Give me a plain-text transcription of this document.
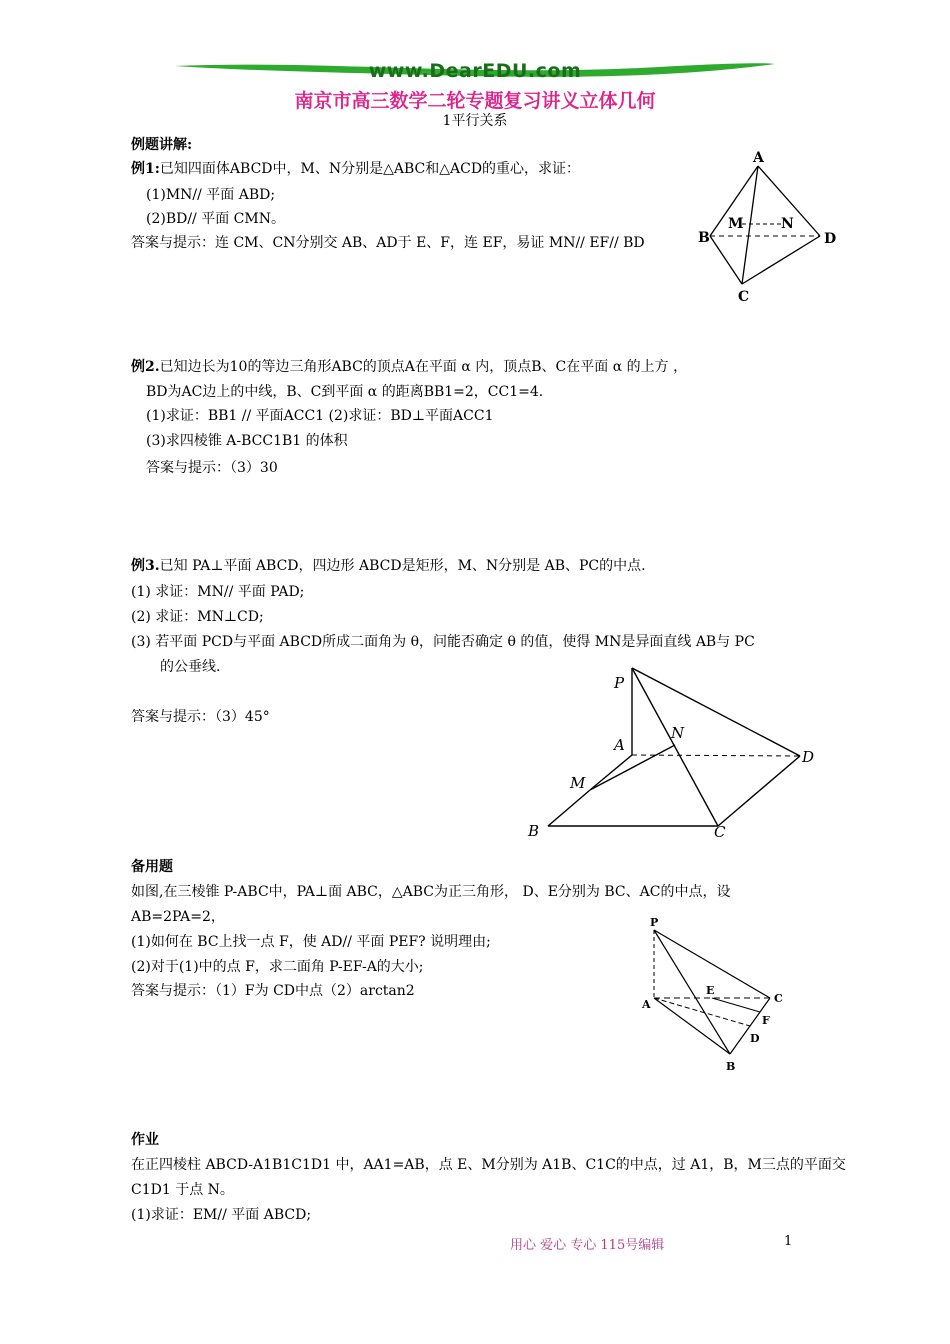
www.DearEDU.com
南京市高三数学二轮专题复习讲义立体几何
1平行关系
例题讲解:
例1:已知四面体ABCD中，M、N分别是△ABC和△ACD的重心，求证：
(1)MN// 平面 ABD;
(2)BD// 平面 CMN。
答案与提示：连 CM、CN分别交 AB、AD于 E、F，连 EF，易证 MN// EF// BD
A
B
C
D
M	N
例2.已知边长为10的等边三角形ABC的顶点A在平面 α 内，顶点B、C在平面 α 的上方 ，
BD为AC边上的中线，B、C到平面 α 的距离BB1=2，CC1=4.
(1)求证：BB1 // 平面ACC1 (2)求证：BD⊥平面ACC1
(3)求四棱锥 A-BCC1B1 的体积
答案与提示：（3）30
例3.已知 PA⊥平面 ABCD，四边形 ABCD是矩形，M、N分别是 AB、PC的中点.
(1) 求证：MN// 平面 PAD;
(2) 求证：MN⊥CD;
(3) 若平面 PCD与平面 ABCD所成二面角为 θ，问能否确定 θ 的值，使得 MN是异面直线 AB与 PC
的公垂线.
答案与提示：（3）45°
P
A
N
D
M
B	C
备用题
如图,在三棱锥 P-ABC中，PA⊥面 ABC，△ABC为正三角形， D、E分别为 BC、AC的中点，设
AB=2PA=2，
(1)如何在 BC上找一点 F，使 AD// 平面 PEF? 说明理由;
(2)对于(1)中的点 F，求二面角 P-EF-A的大小;
答案与提示：（1）F为 CD中点（2）arctan2
P
A
E
C
F
D
B
作业
在正四棱柱 ABCD-A1B1C1D1 中，AA1=AB，点 E、M分别为 A1B、C1C的中点，过 A1，B，M三点的平面交
C1D1 于点 N。
(1)求证：EM// 平面 ABCD;
用心 爱心 专心 115号编辑	1
